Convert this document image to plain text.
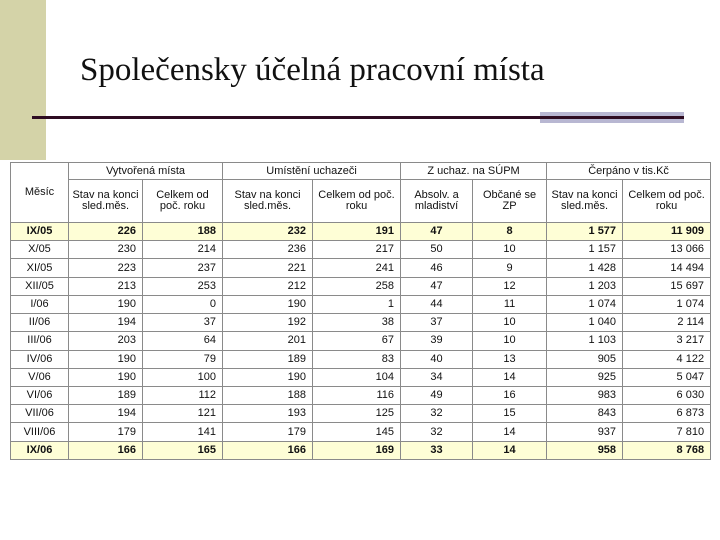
Společensky účelná pracovní místa
Měsíc	Vytvořená místa		Umístění uchazeči		Z uchaz. na SÚPM		Čerpáno v tis.Kč	
	Stav na konci sled.měs.	Celkem od poč. roku	Stav na konci sled.měs.	Celkem od poč. roku	Absolv. a mladiství	Občané se ZP	Stav na konci sled.měs.	Celkem od poč. roku
IX/05	226	188	232	191	47	8	1 577	11 909
X/05	230	214	236	217	50	10	1 157	13 066
XI/05	223	237	221	241	46	9	1 428	14 494
XII/05	213	253	212	258	47	12	1 203	15 697
I/06	190	0	190	1	44	11	1 074	1 074
II/06	194	37	192	38	37	10	1 040	2 114
III/06	203	64	201	67	39	10	1 103	3 217
IV/06	190	79	189	83	40	13	905	4 122
V/06	190	100	190	104	34	14	925	5 047
VI/06	189	112	188	116	49	16	983	6 030
VII/06	194	121	193	125	32	15	843	6 873
VIII/06	179	141	179	145	32	14	937	7 810
IX/06	166	165	166	169	33	14	958	8 768
